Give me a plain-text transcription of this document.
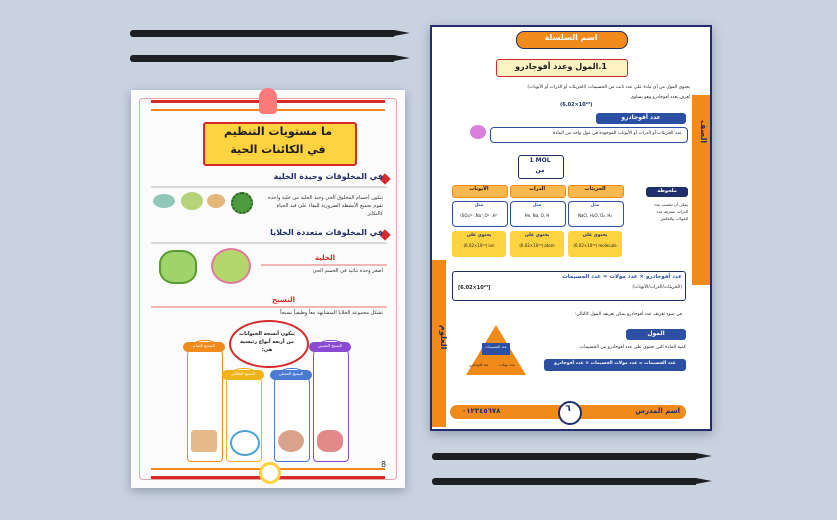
ما مستويات التنظيم
في الكائنات الحية
في المخلوقات وحيدة الخلية
تتكون أجسام المخلوق الحي وحيد الخلية من خلية واحدة تقوم بجميع الأنشطة الضرورية للبقاء على قيد الحياة كالتكاثر
في المخلوقات متعددة الخلايا
الخلية
أصغر وحدة بنائية في الجسم الحي
النسيج
تشكل مجموعة الخلايا المتشابهة معاً وظيفياً نسيجاً
تتكون أنسجة الحيوانات من أربعة أنواع رئيسية هي:
النسيج الضام
النسيج الطلائي	النسيج العضلي
النسيج العصبي
8
العلوم
الصف
اسم السلسلة
1.المول وعدد أفوجادرو
يحتوي المول من أي مادة على عدد ثابت من الجسيمات (الجزيئات أو الذرات أو الأيونات)
يُعرف بعدد أفوجادرو وهو يساوي
(6.02×10²³)
عدد أفوجادرو
عدد الجزيئات أو الذرات أو الأيونات الموجودة في مول واحد من المادة
1 MOL
من
الجزيئات
الذرات
الأيونات
مثل
مثل
مثل
NaCl, H₂O, O₂, H₂
He, Na, O, H
(SO₄)²⁻,Na⁺,O²⁻,H⁺
يحتوي على
يحتوي على
يحتوي على
(6.02×10²³) molecule
(6.02×10²³) atom
(6.02×10²³) ion
ملحوظة
يمكن أن تحسب عدد الذرات بمعرفة عدد المولات والعكس
عدد أفوجادرو × عدد مولات = عدد الجسيمات
(الجزيئات/الذرات/الأيونات)
[6.02×10²³]
في ضوء تعريف عدد أفوجادرو يمكن تعريف المول كالتالي:
المول
كمية المادة التي تحتوي على عدد أفوجادرو من الجسيمات.
عدد الجسيمات = عدد مولات الجسيمات × عدد أفوجادرو
عدد الجسيمات
عدد أفوجادرو	عدد مولات
اسم المدرس
٦
٠١٢٣٤٥٦٧٨
